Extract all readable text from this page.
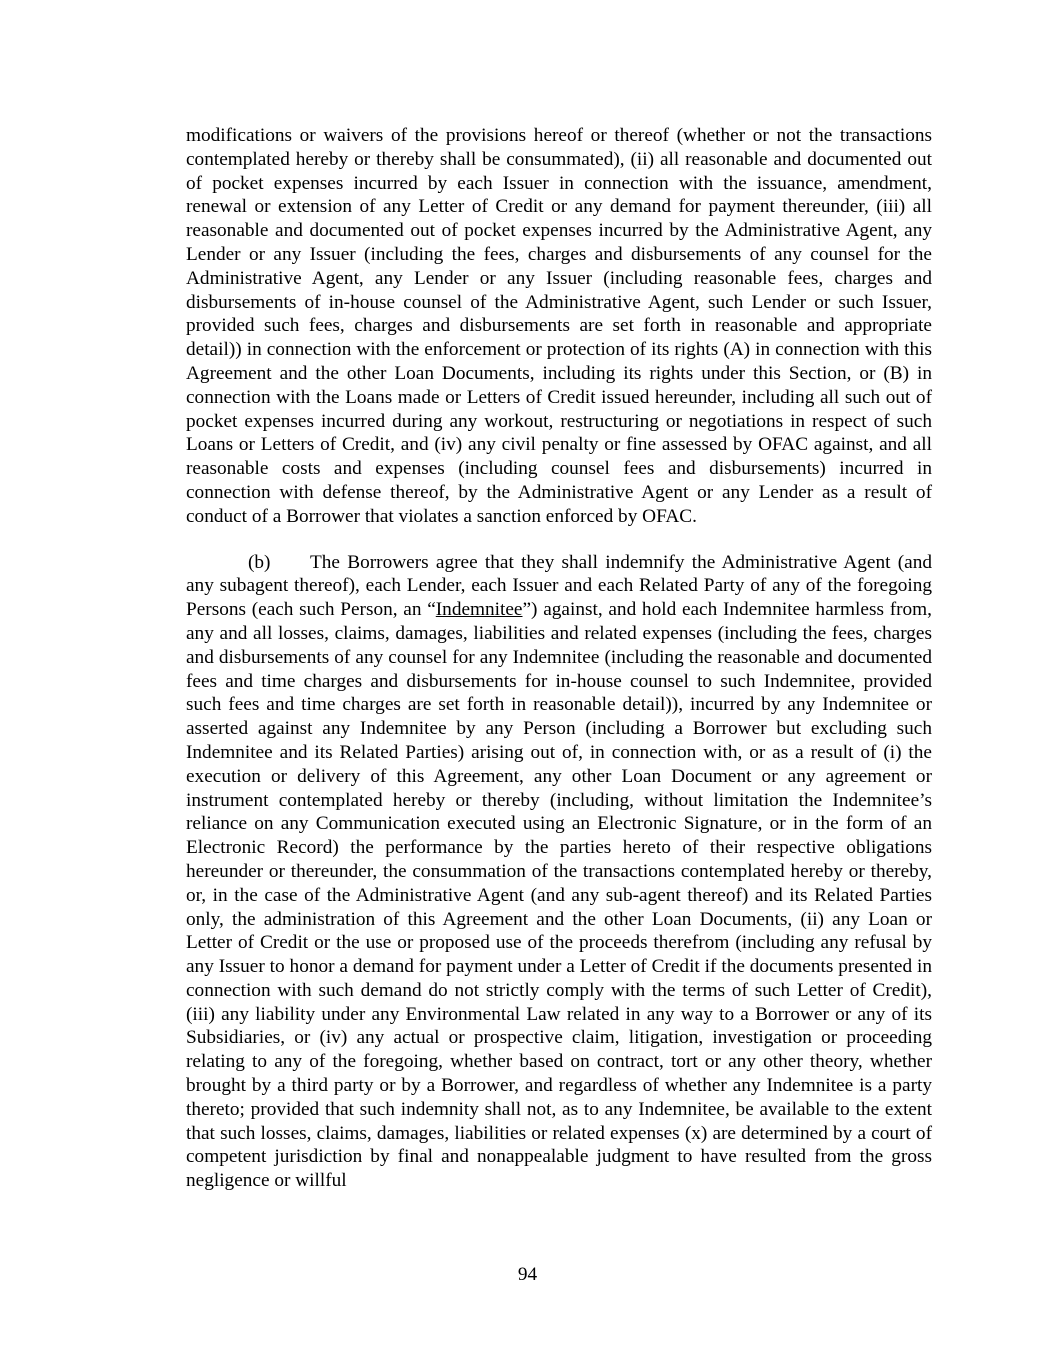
modifications or waivers of the provisions hereof or thereof (whether or not the transactions contemplated hereby or thereby shall be consummated), (ii) all reasonable and documented out of pocket expenses incurred by each Issuer in connection with the issuance, amendment, renewal or extension of any Letter of Credit or any demand for payment thereunder, (iii) all reasonable and documented out of pocket expenses incurred by the Administrative Agent, any Lender or any Issuer (including the fees, charges and disbursements of any counsel for the Administrative Agent, any Lender or any Issuer (including reasonable fees, charges and disbursements of in-house counsel of the Administrative Agent, such Lender or such Issuer, provided such fees, charges and disbursements are set forth in reasonable and appropriate detail)) in connection with the enforcement or protection of its rights (A) in connection with this Agreement and the other Loan Documents, including its rights under this Section, or (B) in connection with the Loans made or Letters of Credit issued hereunder, including all such out of pocket expenses incurred during any workout, restructuring or negotiations in respect of such Loans or Letters of Credit, and (iv) any civil penalty or fine assessed by OFAC against, and all reasonable costs and expenses (including counsel fees and disbursements) incurred in connection with defense thereof, by the Administrative Agent or any Lender as a result of conduct of a Borrower that violates a sanction enforced by OFAC.

(b) The Borrowers agree that they shall indemnify the Administrative Agent (and any subagent thereof), each Lender, each Issuer and each Related Party of any of the foregoing Persons (each such Person, an “Indemnitee”) against, and hold each Indemnitee harmless from, any and all losses, claims, damages, liabilities and related expenses (including the fees, charges and disbursements of any counsel for any Indemnitee (including the reasonable and documented fees and time charges and disbursements for in-house counsel to such Indemnitee, provided such fees and time charges are set forth in reasonable detail)), incurred by any Indemnitee or asserted against any Indemnitee by any Person (including a Borrower but excluding such Indemnitee and its Related Parties) arising out of, in connection with, or as a result of (i) the execution or delivery of this Agreement, any other Loan Document or any agreement or instrument contemplated hereby or thereby (including, without limitation the Indemnitee’s reliance on any Communication executed using an Electronic Signature, or in the form of an Electronic Record) the performance by the parties hereto of their respective obligations hereunder or thereunder, the consummation of the transactions contemplated hereby or thereby, or, in the case of the Administrative Agent (and any sub-agent thereof) and its Related Parties only, the administration of this Agreement and the other Loan Documents, (ii) any Loan or Letter of Credit or the use or proposed use of the proceeds therefrom (including any refusal by any Issuer to honor a demand for payment under a Letter of Credit if the documents presented in connection with such demand do not strictly comply with the terms of such Letter of Credit), (iii) any liability under any Environmental Law related in any way to a Borrower or any of its Subsidiaries, or (iv) any actual or prospective claim, litigation, investigation or proceeding relating to any of the foregoing, whether based on contract, tort or any other theory, whether brought by a third party or by a Borrower, and regardless of whether any Indemnitee is a party thereto; provided that such indemnity shall not, as to any Indemnitee, be available to the extent that such losses, claims, damages, liabilities or related expenses (x) are determined by a court of competent jurisdiction by final and nonappealable judgment to have resulted from the gross negligence or willful

94
